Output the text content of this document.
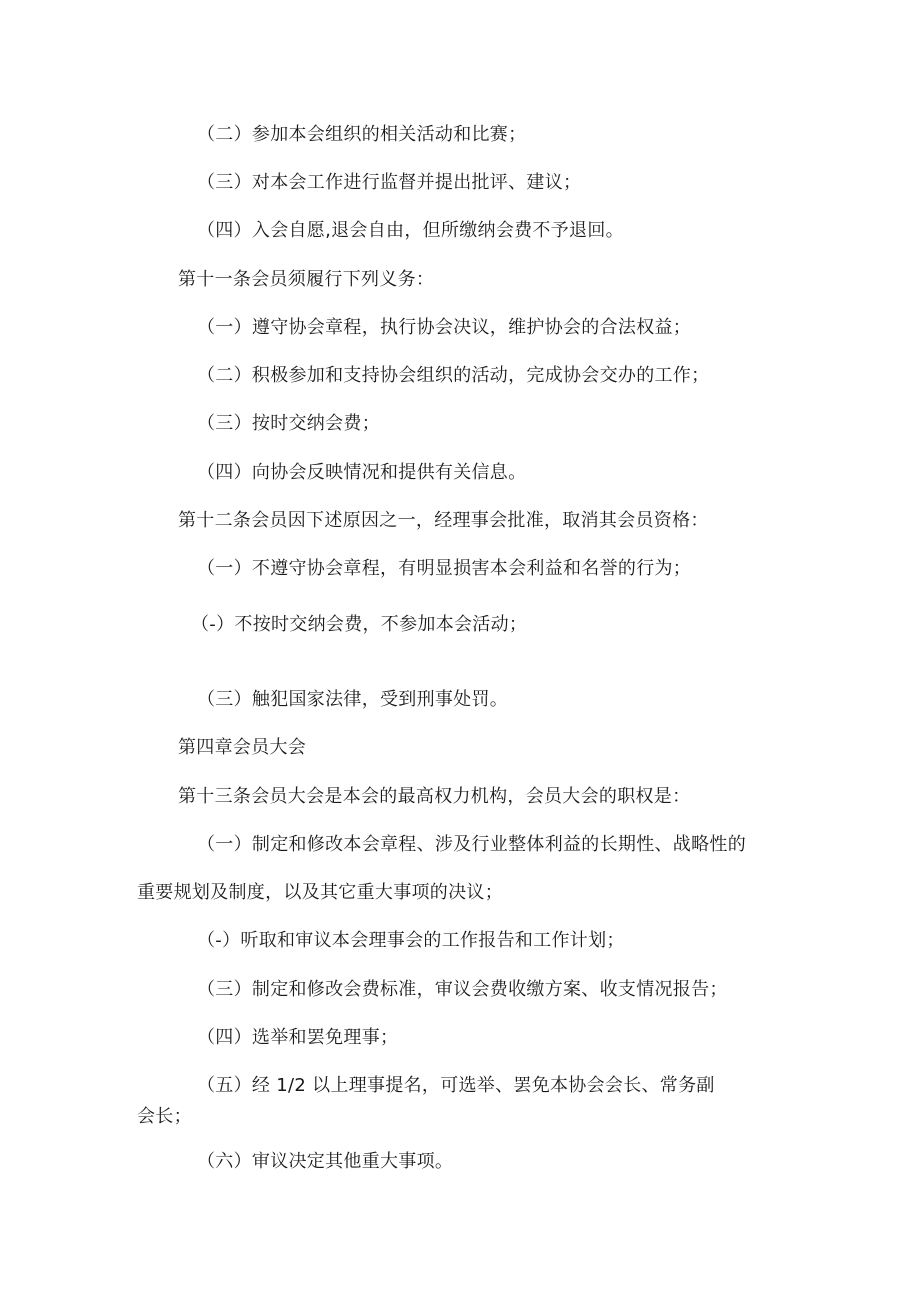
（二）参加本会组织的相关活动和比赛；
（三）对本会工作进行监督并提出批评、建议；
（四）入会自愿,退会自由，但所缴纳会费不予退回。
第十一条会员须履行下列义务：
（一）遵守协会章程，执行协会决议，维护协会的合法权益；
（二）积极参加和支持协会组织的活动，完成协会交办的工作；
（三）按时交纳会费；
（四）向协会反映情况和提供有关信息。
第十二条会员因下述原因之一，经理事会批准，取消其会员资格：
（一）不遵守协会章程，有明显损害本会利益和名誉的行为；
（-）不按时交纳会费，不参加本会活动；
（三）触犯国家法律，受到刑事处罚。
第四章会员大会
第十三条会员大会是本会的最高权力机构，会员大会的职权是：
（一）制定和修改本会章程、涉及行业整体利益的长期性、战略性的
重要规划及制度，以及其它重大事项的决议；
（-）听取和审议本会理事会的工作报告和工作计划；
（三）制定和修改会费标准，审议会费收缴方案、收支情况报告；
（四）选举和罢免理事；
（五）经 1/2 以上理事提名，可选举、罢免本协会会长、常务副
会长；
（六）审议决定其他重大事项。
